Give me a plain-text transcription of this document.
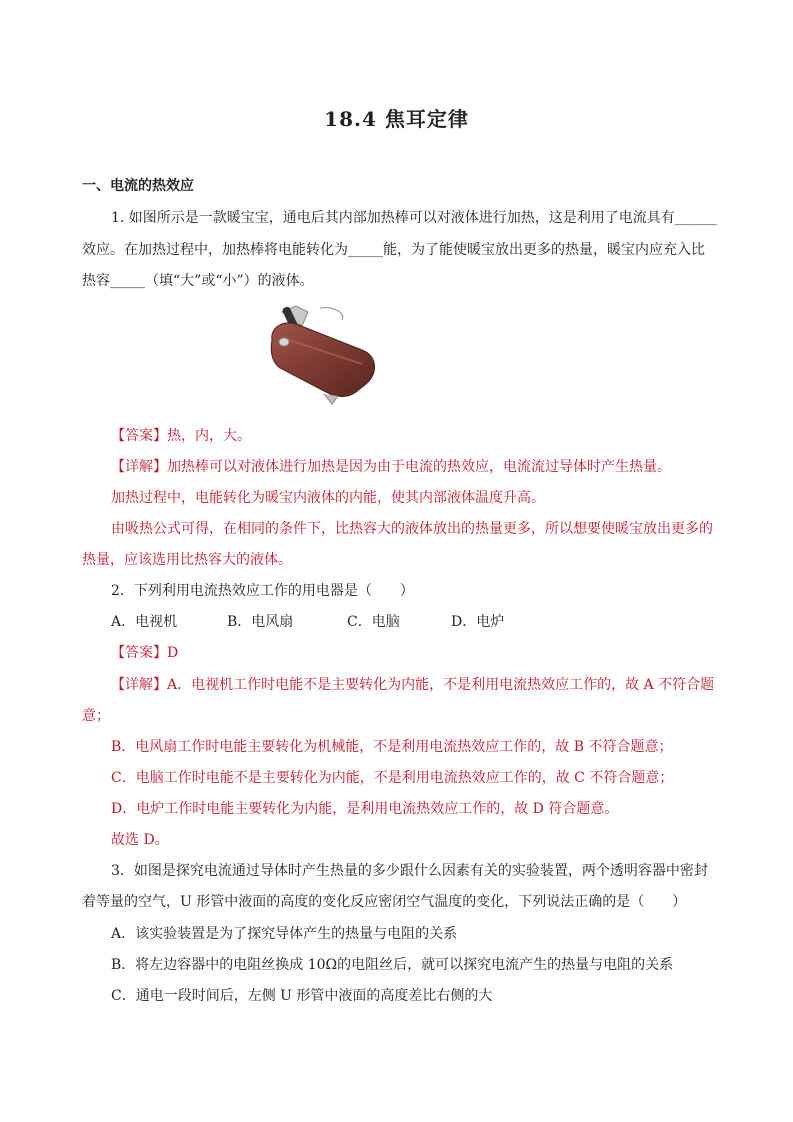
18.4 焦耳定律
一、电流的热效应
1. 如图所示是一款暖宝宝，通电后其内部加热棒可以对液体进行加热，这是利用了电流具有______
效应。在加热过程中，加热棒将电能转化为_____能，为了能使暖宝放出更多的热量，暖宝内应充入比
热容_____（填“大”或“小”）的液体。
【答案】热，内，大。
【详解】加热棒可以对液体进行加热是因为由于电流的热效应，电流流过导体时产生热量。
加热过程中，电能转化为暖宝内液体的内能，使其内部液体温度升高。
由吸热公式可得，在相同的条件下，比热容大的液体放出的热量更多，所以想要使暖宝放出更多的
热量，应该选用比热容大的液体。
2．下列利用电流热效应工作的用电器是（　　）
A．电视机	B．电风扇	C．电脑	D．电炉
【答案】D
【详解】A．电视机工作时电能不是主要转化为内能，不是利用电流热效应工作的，故 A 不符合题
意；
B．电风扇工作时电能主要转化为机械能，不是利用电流热效应工作的，故 B 不符合题意；
C．电脑工作时电能不是主要转化为内能，不是利用电流热效应工作的，故 C 不符合题意；
D．电炉工作时电能主要转化为内能，是利用电流热效应工作的，故 D 符合题意。
故选 D。
3．如图是探究电流通过导体时产生热量的多少跟什么因素有关的实验装置，两个透明容器中密封
着等量的空气，U 形管中液面的高度的变化反应密闭空气温度的变化，下列说法正确的是（　　）
A．该实验装置是为了探究导体产生的热量与电阻的关系
B．将左边容器中的电阻丝换成 10Ω的电阻丝后，就可以探究电流产生的热量与电阻的关系
C．通电一段时间后，左侧 U 形管中液面的高度差比右侧的大
